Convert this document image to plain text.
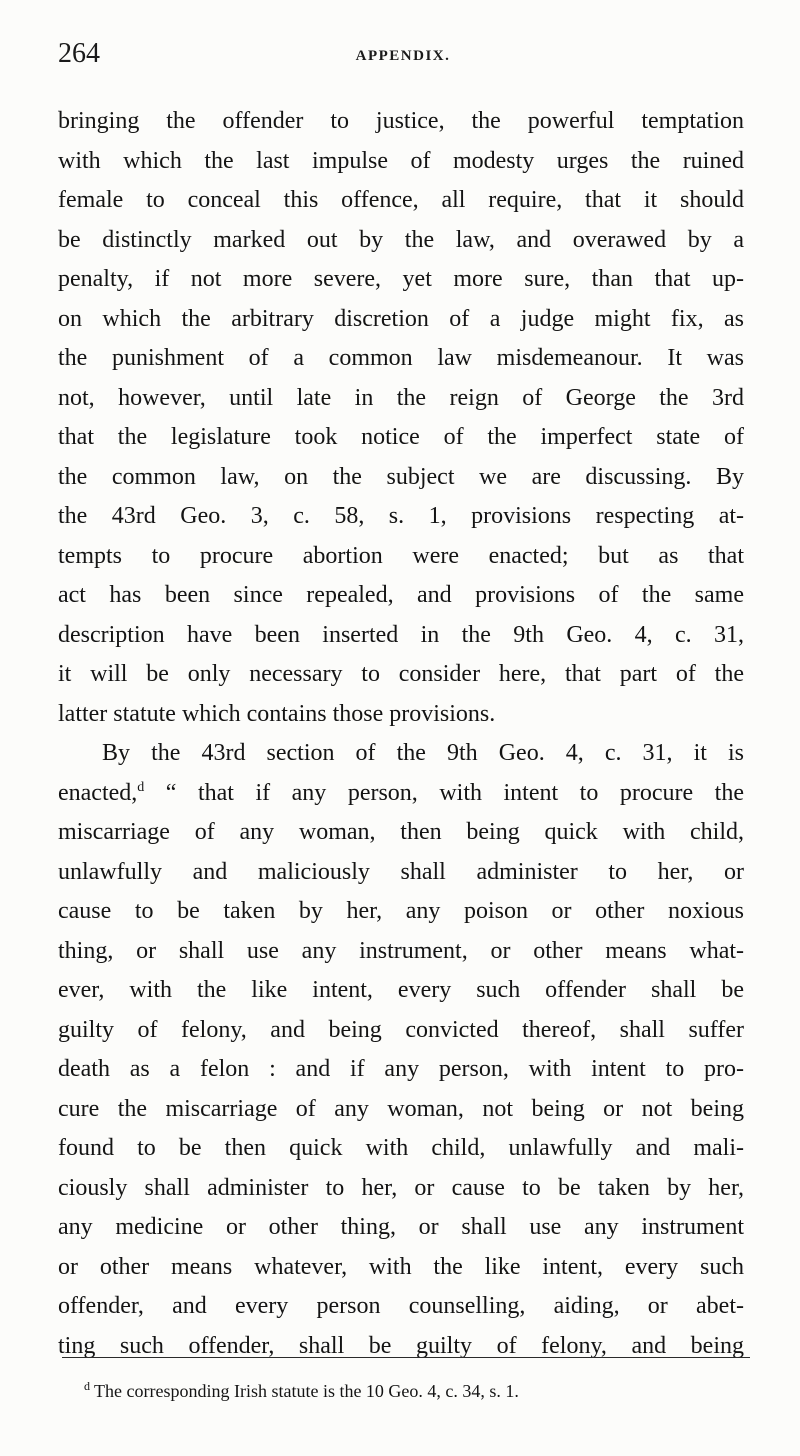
264	APPENDIX.
bringing the offender to justice, the powerful temptation
with which the last impulse of modesty urges the ruined
female to conceal this offence, all require, that it should
be distinctly marked out by the law, and overawed by a
penalty, if not more severe, yet more sure, than that up-
on which the arbitrary discretion of a judge might fix, as
the punishment of a common law misdemeanour. It was
not, however, until late in the reign of George the 3rd
that the legislature took notice of the imperfect state of
the common law, on the subject we are discussing. By
the 43rd Geo. 3, c. 58, s. 1, provisions respecting at-
tempts to procure abortion were enacted; but as that
act has been since repealed, and provisions of the same
description have been inserted in the 9th Geo. 4, c. 31,
it will be only necessary to consider here, that part of the
latter statute which contains those provisions.
By the 43rd section of the 9th Geo. 4, c. 31, it is
enacted,$^d$ “ that if any person, with intent to procure the
miscarriage of any woman, then being quick with child,
unlawfully and maliciously shall administer to her, or
cause to be taken by her, any poison or other noxious
thing, or shall use any instrument, or other means what-
ever, with the like intent, every such offender shall be
guilty of felony, and being convicted thereof, shall suffer
death as a felon : and if any person, with intent to pro-
cure the miscarriage of any woman, not being or not being
found to be then quick with child, unlawfully and mali-
ciously shall administer to her, or cause to be taken by her,
any medicine or other thing, or shall use any instrument
or other means whatever, with the like intent, every such
offender, and every person counselling, aiding, or abet-
ting such offender, shall be guilty of felony, and being
$^d$ The corresponding Irish statute is the 10 Geo. 4, c. 34, s. 1.
